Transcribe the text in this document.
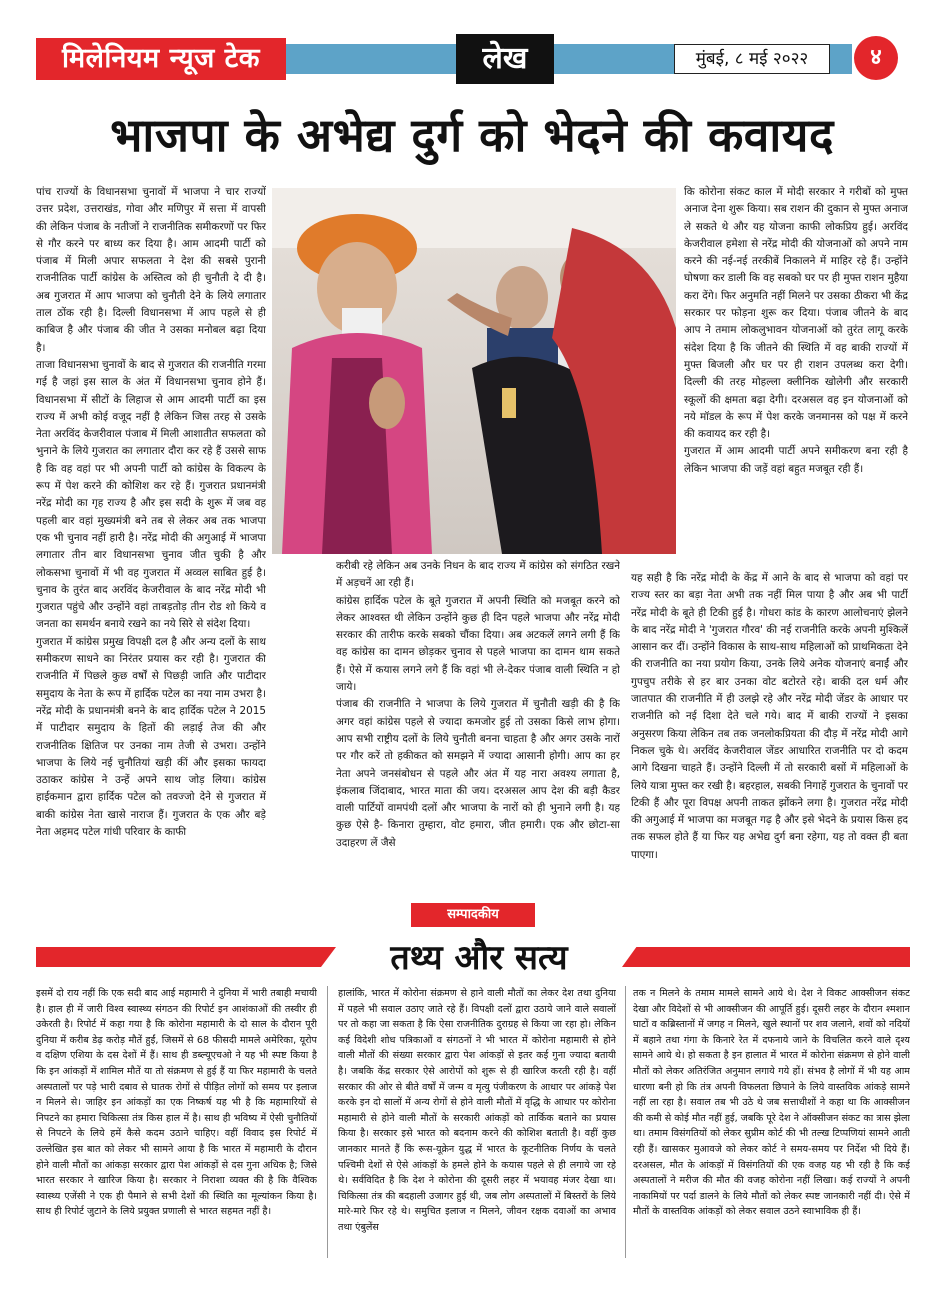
मिलेनियम न्यूज टेक	लेख	मुंबई, ८ मई २०२२	४
भाजपा के अभेद्य दुर्ग को भेदने की कवायद

पांच राज्यों के विधानसभा चुनावों में भाजपा ने चार राज्यों उत्तर प्रदेश, उत्तराखंड, गोवा और मणिपुर में सत्ता में वापसी की लेकिन पंजाब के नतीजों ने राजनीतिक समीकरणों पर फिर से गौर करने पर बाध्य कर दिया है। आम आदमी पार्टी को पंजाब में मिली अपार सफलता ने देश की सबसे पुरानी राजनीतिक पार्टी कांग्रेस के अस्तित्व को ही चुनौती दे दी है। अब गुजरात में आप भाजपा को चुनौती देने के लिये लगातार ताल ठोंक रही है। दिल्ली विधानसभा में आप पहले से ही काबिज है और पंजाब की जीत ने उसका मनोबल बढ़ा दिया है।

ताजा विधानसभा चुनावों के बाद से गुजरात की राजनीति गरमा गई है जहां इस साल के अंत में विधानसभा चुनाव होने हैं। विधानसभा में सीटों के लिहाज से आम आदमी पार्टी का इस राज्य में अभी कोई वजूद नहीं है लेकिन जिस तरह से उसके नेता अरविंद केजरीवाल पंजाब में मिली आशातीत सफलता को भुनाने के लिये गुजरात का लगातार दौरा कर रहे हैं उससे साफ है कि वह वहां पर भी अपनी पार्टी को कांग्रेस के विकल्प के रूप में पेश करने की कोशिश कर रहे हैं। गुजरात प्रधानमंत्री नरेंद्र मोदी का गृह राज्य है और इस सदी के शुरू में जब वह पहली बार वहां मुख्यमंत्री बने तब से लेकर अब तक भाजपा एक भी चुनाव नहीं हारी है। नरेंद्र मोदी की अगुआई में भाजपा लगातार तीन बार विधानसभा चुनाव जीत चुकी है और लोकसभा चुनावों में भी वह गुजरात में अव्वल साबित हुई है। चुनाव के तुरंत बाद अरविंद केजरीवाल के बाद नरेंद्र मोदी भी गुजरात पहुंचे और उन्होंने वहां ताबड़तोड़ तीन रोड शो किये व जनता का समर्थन बनाये रखने का नये सिरे से संदेश दिया।

गुजरात में कांग्रेस प्रमुख विपक्षी दल है और अन्य दलों के साथ समीकरण साधने का निरंतर प्रयास कर रही है। गुजरात की राजनीति में पिछले कुछ वर्षों से पिछड़ी जाति और पाटीदार समुदाय के नेता के रूप में हार्दिक पटेल का नया नाम उभरा है। नरेंद्र मोदी के प्रधानमंत्री बनने के बाद हार्दिक पटेल ने 2015 में पाटीदार समुदाय के हितों की लड़ाई तेज की और राजनीतिक क्षितिज पर उनका नाम तेजी से उभरा। उन्होंने भाजपा के लिये नई चुनौतियां खड़ी कीं और इसका फायदा उठाकर कांग्रेस ने उन्हें अपने साथ जोड़ लिया। कांग्रेस हाईकमान द्वारा हार्दिक पटेल को तवज्जो देने से गुजरात में बाकी कांग्रेस नेता खासे नाराज हैं। गुजरात के एक और बड़े नेता अहमद पटेल गांधी परिवार के काफी

कि कोरोना संकट काल में मोदी सरकार ने गरीबों को मुफ्त अनाज देना शुरू किया। सब राशन की दुकान से मुफ्त अनाज ले सकते थे और यह योजना काफी लोकप्रिय हुई। अरविंद केजरीवाल हमेशा से नरेंद्र मोदी की योजनाओं को अपने नाम करने की नई-नई तरकीबें निकालने में माहिर रहे हैं। उन्होंने घोषणा कर डाली कि वह सबको घर पर ही मुफ्त राशन मुहैया करा देंगे। फिर अनुमति नहीं मिलने पर उसका ठीकरा भी केंद्र सरकार पर फोड़ना शुरू कर दिया। पंजाब जीतने के बाद आप ने तमाम लोकलुभावन योजनाओं को तुरंत लागू करके संदेश दिया है कि जीतने की स्थिति में वह बाकी राज्यों में मुफ्त बिजली और घर पर ही राशन उपलब्ध करा देगी। दिल्ली की तरह मोहल्ला क्लीनिक खोलेगी और सरकारी स्कूलों की क्षमता बढ़ा देगी। दरअसल वह इन योजनाओं को नये मॉडल के रूप में पेश करके जनमानस को पक्ष में करने की कवायद कर रही है।

गुजरात में आम आदमी पार्टी अपने समीकरण बना रही है लेकिन भाजपा की जड़ें वहां बहुत मजबूत रही हैं।

करीबी रहे लेकिन अब उनके निधन के बाद राज्य में कांग्रेस को संगठित रखने में अड़चनें आ रही हैं।

कांग्रेस हार्दिक पटेल के बूते गुजरात में अपनी स्थिति को मजबूत करने को लेकर आश्वस्त थी लेकिन उन्होंने कुछ ही दिन पहले भाजपा और नरेंद्र मोदी सरकार की तारीफ करके सबको चौंका दिया। अब अटकलें लगने लगी हैं कि वह कांग्रेस का दामन छोड़कर चुनाव से पहले भाजपा का दामन थाम सकते हैं। ऐसे में कयास लगने लगे हैं कि वहां भी ले-देकर पंजाब वाली स्थिति न हो जाये।

पंजाब की राजनीति ने भाजपा के लिये गुजरात में चुनौती खड़ी की है कि अगर वहां कांग्रेस पहले से ज्यादा कमजोर हुई तो उसका किसे लाभ होगा। आप सभी राष्ट्रीय दलों के लिये चुनौती बनना चाहता है और अगर उसके नारों पर गौर करें तो हकीकत को समझने में ज्यादा आसानी होगी। आप का हर नेता अपने जनसंबोधन से पहले और अंत में यह नारा अवश्य लगाता है, इंकलाब जिंदाबाद, भारत माता की जय। दरअसल आप देश की बड़ी कैडर वाली पार्टियों वामपंथी दलों और भाजपा के नारों को ही भुनाने लगी है। यह कुछ ऐसे है- किनारा तुम्हारा, वोट हमारा, जीत हमारी। एक और छोटा-सा उदाहरण लें जैसे

यह सही है कि नरेंद्र मोदी के केंद्र में आने के बाद से भाजपा को वहां पर राज्य स्तर का बड़ा नेता अभी तक नहीं मिल पाया है और अब भी पार्टी नरेंद्र मोदी के बूते ही टिकी हुई है। गोधरा कांड के कारण आलोचनाएं झेलने के बाद नरेंद्र मोदी ने 'गुजरात गौरव' की नई राजनीति करके अपनी मुश्किलें आसान कर दीं। उन्होंने विकास के साथ-साथ महिलाओं को प्राथमिकता देने की राजनीति का नया प्रयोग किया, उनके लिये अनेक योजनाएं बनाईं और गुपचुप तरीके से हर बार उनका वोट बटोरते रहे। बाकी दल धर्म और जातपात की राजनीति में ही उलझे रहे और नरेंद्र मोदी जेंडर के आधार पर राजनीति को नई दिशा देते चले गये। बाद में बाकी राज्यों ने इसका अनुसरण किया लेकिन तब तक जनलोकप्रियता की दौड़ में नरेंद्र मोदी आगे निकल चुके थे। अरविंद केजरीवाल जेंडर आधारित राजनीति पर दो कदम आगे दिखना चाहते हैं। उन्होंने दिल्ली में तो सरकारी बसों में महिलाओं के लिये यात्रा मुफ्त कर रखी है। बहरहाल, सबकी निगाहें गुजरात के चुनावों पर टिकी हैं और पूरा विपक्ष अपनी ताकत झोंकने लगा है। गुजरात नरेंद्र मोदी की अगुआई में भाजपा का मजबूत गढ़ है और इसे भेदने के प्रयास किस हद तक सफल होते हैं या फिर यह अभेद्य दुर्ग बना रहेगा, यह तो वक्त ही बता पाएगा।

सम्पादकीय
तथ्य और सत्य
इसमें दो राय नहीं कि एक सदी बाद आई महामारी ने दुनिया में भारी तबाही मचायी है। हाल ही में जारी विश्व स्वास्थ्य संगठन की रिपोर्ट इन आशंकाओं की तस्वीर ही उकेरती है। रिपोर्ट में कहा गया है कि कोरोना महामारी के दो साल के दौरान पूरी दुनिया में करीब डेढ़ करोड़ मौतें हुईं, जिसमें से 68 फीसदी मामले अमेरिका, यूरोप व दक्षिण एशिया के दस देशों में हैं। साथ ही डब्ल्यूएचओ ने यह भी स्पष्ट किया है कि इन आंकड़ों में शामिल मौतें या तो संक्रमण से हुई हैं या फिर महामारी के चलते अस्पतालों पर पड़े भारी दबाव से घातक रोगों से पीड़ित लोगों को समय पर इलाज न मिलने से। जाहिर इन आंकड़ों का एक निष्कर्ष यह भी है कि महामारियों से निपटने का हमारा चिकित्सा तंत्र किस हाल में है। साथ ही भविष्य में ऐसी चुनौतियों से निपटने के लिये हमें कैसे कदम उठाने चाहिए। वहीं विवाद इस रिपोर्ट में उल्लेखित इस बात को लेकर भी सामने आया है कि भारत में महामारी के दौरान होने वाली मौतों का आंकड़ा सरकार द्वारा पेश आंकड़ों से दस गुना अधिक है; जिसे भारत सरकार ने खारिज किया है। सरकार ने निराशा व्यक्त की है कि वैश्विक स्वास्थ्य एजेंसी ने एक ही पैमाने से सभी देशों की स्थिति का मूल्यांकन किया है। साथ ही रिपोर्ट जुटाने के लिये प्रयुक्त प्रणाली से भारत सहमत नहीं है।
हालांकि, भारत में कोरोना संक्रमण से हाने वाली मौतों का लेकर देश तथा दुनिया में पहले भी सवाल उठाए जाते रहे हैं। विपक्षी दलों द्वारा उठाये जाने वाले सवालों पर तो कहा जा सकता है कि ऐसा राजनीतिक दुराग्रह से किया जा रहा हो। लेकिन कई विदेशी शोध पत्रिकाओं व संगठनों ने भी भारत में कोरोना महामारी से होने वाली मौतों की संख्या सरकार द्वारा पेश आंकड़ों से इतर कई गुना ज्यादा बतायी है। जबकि केंद्र सरकार ऐसे आरोपों को शुरू से ही खारिज करती रही है। वहीं सरकार की ओर से बीते वर्षों में जन्म व मृत्यु पंजीकरण के आधार पर आंकड़े पेश करके इन दो सालों में अन्य रोगों से होने वाली मौतों में वृद्धि के आधार पर कोरोना महामारी से होने वाली मौतों के सरकारी आंकड़ों को तार्किक बताने का प्रयास किया है। सरकार इसे भारत को बदनाम करने की कोशिश बताती है। वहीं कुछ जानकार मानते हैं कि रूस-यूक्रेन युद्ध में भारत के कूटनीतिक निर्णय के चलते पश्चिमी देशों से ऐसे आंकड़ों के हमले होने के कयास पहले से ही लगाये जा रहे थे। सर्वविदित है कि देश ने कोरोना की दूसरी लहर में भयावह मंजर देखा था। चिकित्सा तंत्र की बदहाली उजागर हुई थी, जब लोग अस्पतालों में बिस्तरों के लिये मारे-मारे फिर रहे थे। समुचित इलाज न मिलने, जीवन रक्षक दवाओं का अभाव तथा एंबुलेंस
तक न मिलने के तमाम मामले सामने आये थे। देश ने विकट आक्सीजन संकट देखा और विदेशों से भी आक्सीजन की आपूर्ति हुई। दूसरी लहर के दौरान श्मशान घाटों व कब्रिस्तानों में जगह न मिलने, खुले स्थानों पर शव जलाने, शवों को नदियों में बहाने तथा गंगा के किनारे रेत में दफनाये जाने के विचलित करने वाले दृश्य सामने आये थे। हो सकता है इन हालात में भारत में कोरोना संक्रमण से होने वाली मौतों को लेकर अतिरंजित अनुमान लगाये गये हों। संभव है लोगों में भी यह आम धारणा बनी हो कि तंत्र अपनी विफलता छिपाने के लिये वास्तविक आंकड़े सामने नहीं ला रहा है। सवाल तब भी उठे थे जब सत्ताधीशों ने कहा था कि आक्सीजन की कमी से कोई मौत नहीं हुई, जबकि पूरे देश ने ऑक्सीजन संकट का त्रास झेला था। तमाम विसंगतियों को लेकर सुप्रीम कोर्ट की भी तल्ख टिप्पणियां सामने आती रही हैं। खासकर मुआवजे को लेकर कोर्ट ने समय-समय पर निर्देश भी दिये हैं। दरअसल, मौत के आंकड़ों में विसंगतियों की एक वजह यह भी रही है कि कई अस्पतालों ने मरीज की मौत की वजह कोरोना नहीं लिखा। कई राज्यों ने अपनी नाकामियों पर पर्दा डालने के लिये मौतों को लेकर स्पष्ट जानकारी नहीं दी। ऐसे में मौतों के वास्तविक आंकड़ों को लेकर सवाल उठने स्वाभाविक ही हैं।
